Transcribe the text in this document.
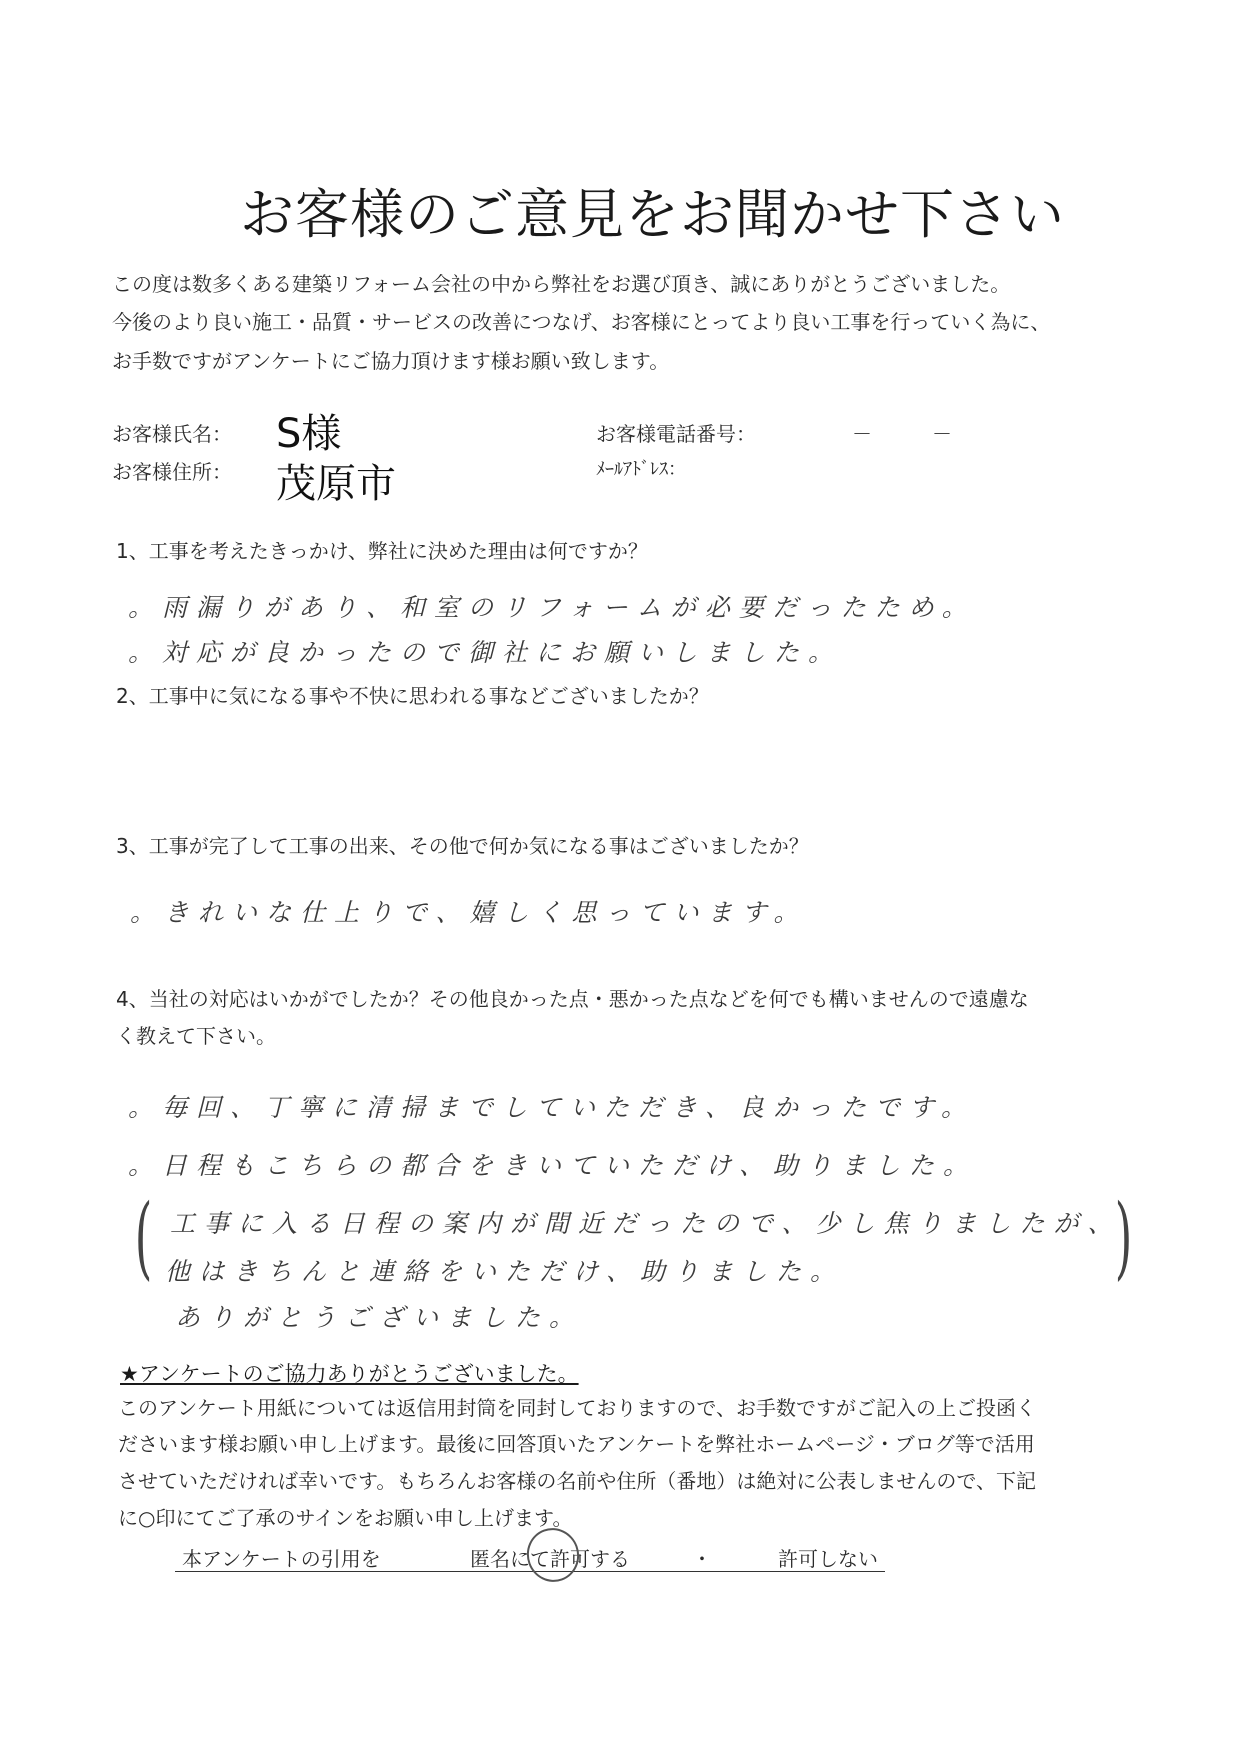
お客様のご意見をお聞かせ下さい
この度は数多くある建築リフォーム会社の中から弊社をお選び頂き、誠にありがとうございました。
今後のより良い施工・品質・サービスの改善につなげ、お客様にとってより良い工事を行っていく為に、
お手数ですがアンケートにご協力頂けます様お願い致します。
お客様氏名： S様
お客様住所： 茂原市
お客様電話番号：	－　　　－
ﾒｰﾙｱﾄﾞﾚｽ：
1、工事を考えたきっかけ、弊社に決めた理由は何ですか？
。雨漏りがあり、和室のリフォームが必要だったため。
。対応が良かったので御社にお願いしました。
2、工事中に気になる事や不快に思われる事などございましたか？
3、工事が完了して工事の出来、その他で何か気になる事はございましたか？
。きれいな仕上りで、嬉しく思っています。
4、当社の対応はいかがでしたか？その他良かった点・悪かった点などを何でも構いませんので遠慮な
く教えて下さい。
。毎回、丁寧に清掃までしていただき、良かったです。
。日程もこちらの都合をきいていただけ、助りました。
( 工事に入る日程の案内が間近だったので、少し焦りましたが、
他はきちんと連絡をいただけ、助りました。	)
ありがとうございました。
★アンケートのご協力ありがとうございました。
このアンケート用紙については返信用封筒を同封しておりますので、お手数ですがご記入の上ご投函く
ださいます様お願い申し上げます。最後に回答頂いたアンケートを弊社ホームページ・ブログ等で活用
させていただければ幸いです。もちろんお客様の名前や住所（番地）は絶対に公表しませんので、下記
に○印にてご了承のサインをお願い申し上げます。
本アンケートの引用を	匿名にて許可する	・	許可しない
